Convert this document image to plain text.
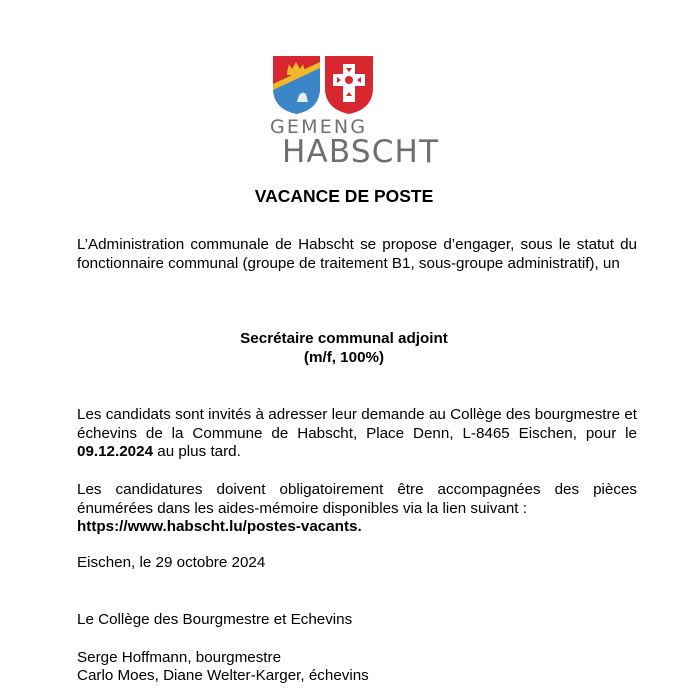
GEMENG
HABSCHT
VACANCE DE POSTE
L’Administration communale de Habscht se propose d’engager, sous le statut du fonctionnaire communal (groupe de traitement B1, sous-groupe administratif), un
Secrétaire communal adjoint
(m/f, 100%)
Les candidats sont invités à adresser leur demande au Collège des bourgmestre et échevins de la Commune de Habscht, Place Denn, L-8465 Eischen, pour le 09.12.2024 au plus tard.
Les candidatures doivent obligatoirement être accompagnées des pièces énumérées dans les aides-mémoire disponibles via la lien suivant :
https://www.habscht.lu/postes-vacants.
Eischen, le 29 octobre 2024
Le Collège des Bourgmestre et Echevins
Serge Hoffmann, bourgmestre
Carlo Moes, Diane Welter-Karger, échevins
